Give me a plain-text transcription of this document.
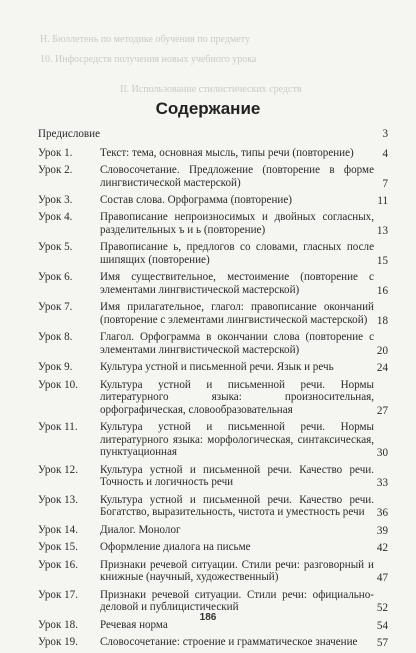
Н. Бюллетень по методике обучения по предмету
10. Инфосредств получения новых учебного урока
II. Использование стилистических средств
Содержание
Предисловие	3
Урок 1. Текст: тема, основная мысль, типы речи (повторение)	4
Урок 2. Словосочетание. Предложение (повторение в форме лингвистической мастерской)	7
Урок 3. Состав слова. Орфограмма (повторение)	11
Урок 4. Правописание непроизносимых и двойных согласных, разделительных ъ и ь (повторение)	13
Урок 5. Правописание ь, предлогов со словами, гласных после шипящих (повторение)	15
Урок 6. Имя существительное, местоимение (повторение с элементами лингвистической мастерской)	16
Урок 7. Имя прилагательное, глагол: правописание окончаний (повторение с элементами лингвистической мастерской) 18
Урок 8. Глагол. Орфограмма в окончании слова (повторение с элементами лингвистической мастерской)	20
Урок 9. Культура устной и письменной речи. Язык и речь	24
Урок 10. Культура устной и письменной речи. Нормы литературного языка: произносительная, орфографическая, словообразовательная	27
Урок 11. Культура устной и письменной речи. Нормы литературного языка: морфологическая, синтаксическая, пунктуационная	30
Урок 12. Культура устной и письменной речи. Качество речи. Точность и логичность речи	33
Урок 13. Культура устной и письменной речи. Качество речи. Богатство, выразительность, чистота и уместность речи	36
Урок 14. Диалог. Монолог	39
Урок 15. Оформление диалога на письме	42
Урок 16. Признаки речевой ситуации. Стили речи: разговорный и книжные (научный, художественный)	47
Урок 17. Признаки речевой ситуации. Стили речи: официально-деловой и публицистический	52
Урок 18. Речевая норма	54
Урок 19. Словосочетание: строение и грамматическое значение	57
186
